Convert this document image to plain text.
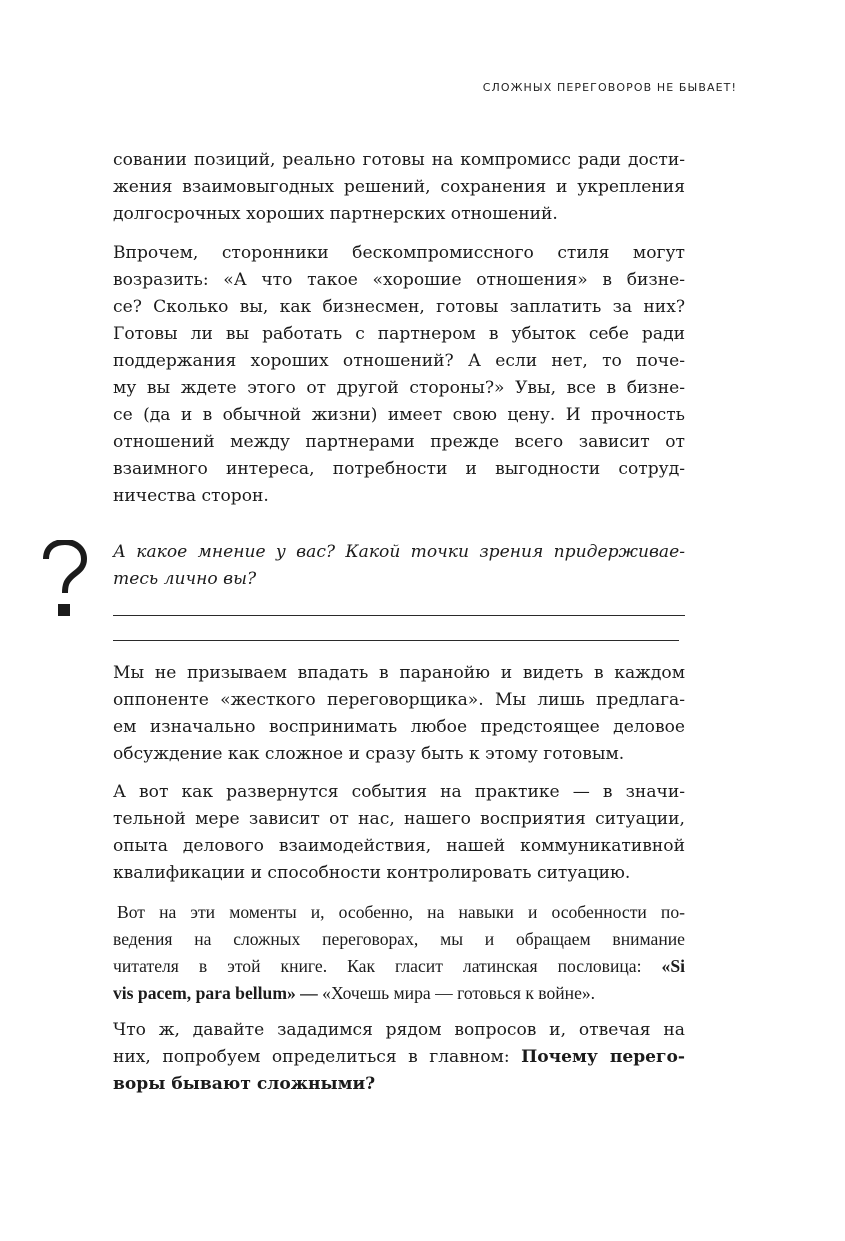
СЛОЖНЫХ ПЕРЕГОВОРОВ НЕ БЫВАЕТ!
совании позиций, реально готовы на компромисс ради дости-
жения взаимовыгодных решений, сохранения и укрепления
долгосрочных хороших партнерских отношений.
Впрочем, сторонники бескомпромиссного стиля могут
возразить: «А что такое «хорошие отношения» в бизне-
се? Сколько вы, как бизнесмен, готовы заплатить за них?
Готовы ли вы работать с партнером в убыток себе ради
поддержания хороших отношений? А если нет, то поче-
му вы ждете этого от другой стороны?» Увы, все в бизне-
се (да и в обычной жизни) имеет свою цену. И прочность
отношений между партнерами прежде всего зависит от
взаимного интереса, потребности и выгодности сотруд-
ничества сторон.
А какое мнение у вас? Какой точки зрения придерживае-
тесь лично вы?
Мы не призываем впадать в паранойю и видеть в каждом
оппоненте «жесткого переговорщика». Мы лишь предлага-
ем изначально воспринимать любое предстоящее деловое
обсуждение как сложное и сразу быть к этому готовым.
А вот как развернутся события на практике — в значи-
тельной мере зависит от нас, нашего восприятия ситуации,
опыта делового взаимодействия, нашей коммуникативной
квалификации и способности контролировать ситуацию.
Вот на эти моменты и, особенно, на навыки и особенности по-
ведения на сложных переговорах, мы и обращаем внимание
читателя в этой книге. Как гласит латинская пословица: «Si
vis pacem, para bellum» — «Хочешь мира — готовься к войне».
Что ж, давайте зададимся рядом вопросов и, отвечая на
них, попробуем определиться в главном: Почему перего-
воры бывают сложными?
